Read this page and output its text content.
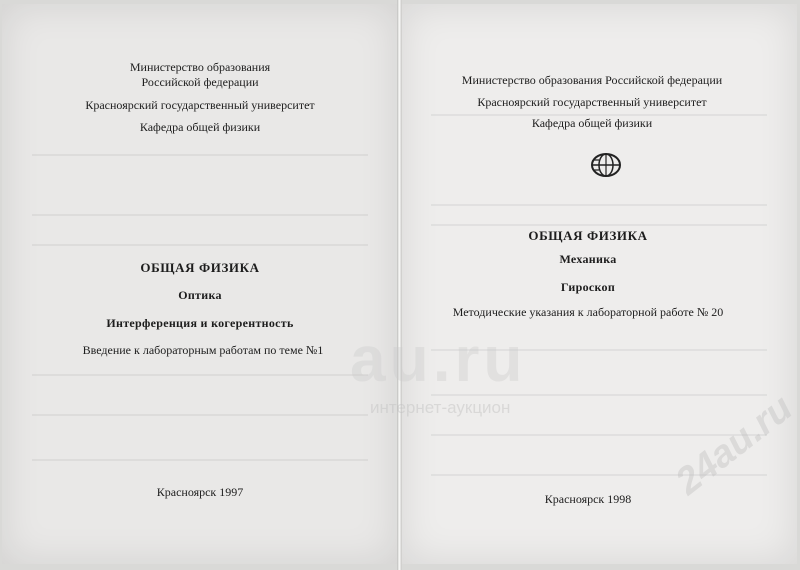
Министерство образования
Российской федерации
Красноярский государственный университет
Кафедра общей физики
ОБЩАЯ ФИЗИКА
Оптика
Интерференция и когерентность
Введение к лабораторным работам по теме №1
Красноярск 1997
Министерство образования Российской федерации
Красноярский государственный университет
Кафедра общей физики
ОБЩАЯ ФИЗИКА
Механика
Гироскоп
Методические указания к лабораторной работе № 20
Красноярск 1998
au.ru
интернет-аукцион	24au.ru
